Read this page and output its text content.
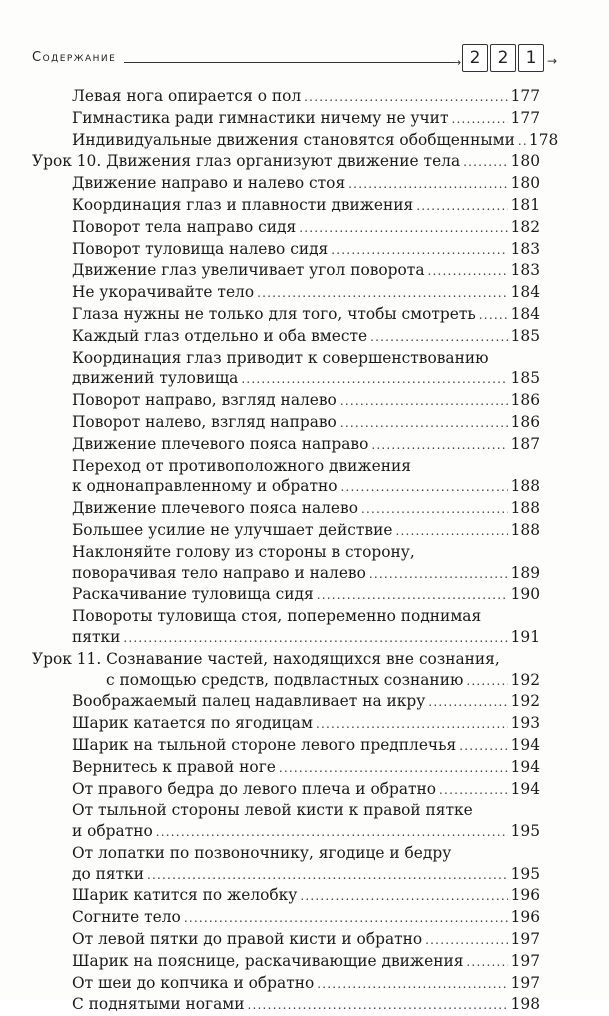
Содержание	→ 2	2	1 →
Левая нога опирается о пол .....	177
Гимнастика ради гимнастики ничему не учит .....	177
Индивидуальные движения становятся обобщенными ..... 178
Урок 10. Движения глаз организуют движение тела .....	180
Движение направо и налево стоя .....	180
Координация глаз и плавности движения .....	181
Поворот тела направо сидя .....	182
Поворот туловища налево сидя .....	183
Движение глаз увеличивает угол поворота .....	183
Не укорачивайте тело .....	184
Глаза нужны не только для того, чтобы смотреть ..... 184
Каждый глаз отдельно и оба вместе .....	185
Координация глаз приводит к совершенствованию
движений туловища .....	185
Поворот направо, взгляд налево .....	186
Поворот налево, взгляд направо .....	186
Движение плечевого пояса направо .....	187
Переход от противоположного движения
к однонаправленному и обратно .....	188
Движение плечевого пояса налево .....	188
Большее усилие не улучшает действие .....	188
Наклоняйте голову из стороны в сторону,
поворачивая тело направо и налево .....	189
Раскачивание туловища сидя .....	190
Повороты туловища стоя, попеременно поднимая
пятки .....	191
Урок 11. Сознавание частей, находящихся вне сознания,
с помощью средств, подвластных сознанию .....	192
Воображаемый палец надавливает на икру .....	192
Шарик катается по ягодицам .....	193
Шарик на тыльной стороне левого предплечья .....	194
Вернитесь к правой ноге .....	194
От правого бедра до левого плеча и обратно .....	194
От тыльной стороны левой кисти к правой пятке
и обратно .....	195
От лопатки по позвоночнику, ягодице и бедру
до пятки .....	195
Шарик катится по желобку .....	196
Согните тело .....	196
От левой пятки до правой кисти и обратно .....	197
Шарик на пояснице, раскачивающие движения .....	197
От шеи до копчика и обратно .....	197
С поднятыми ногами .....	198
